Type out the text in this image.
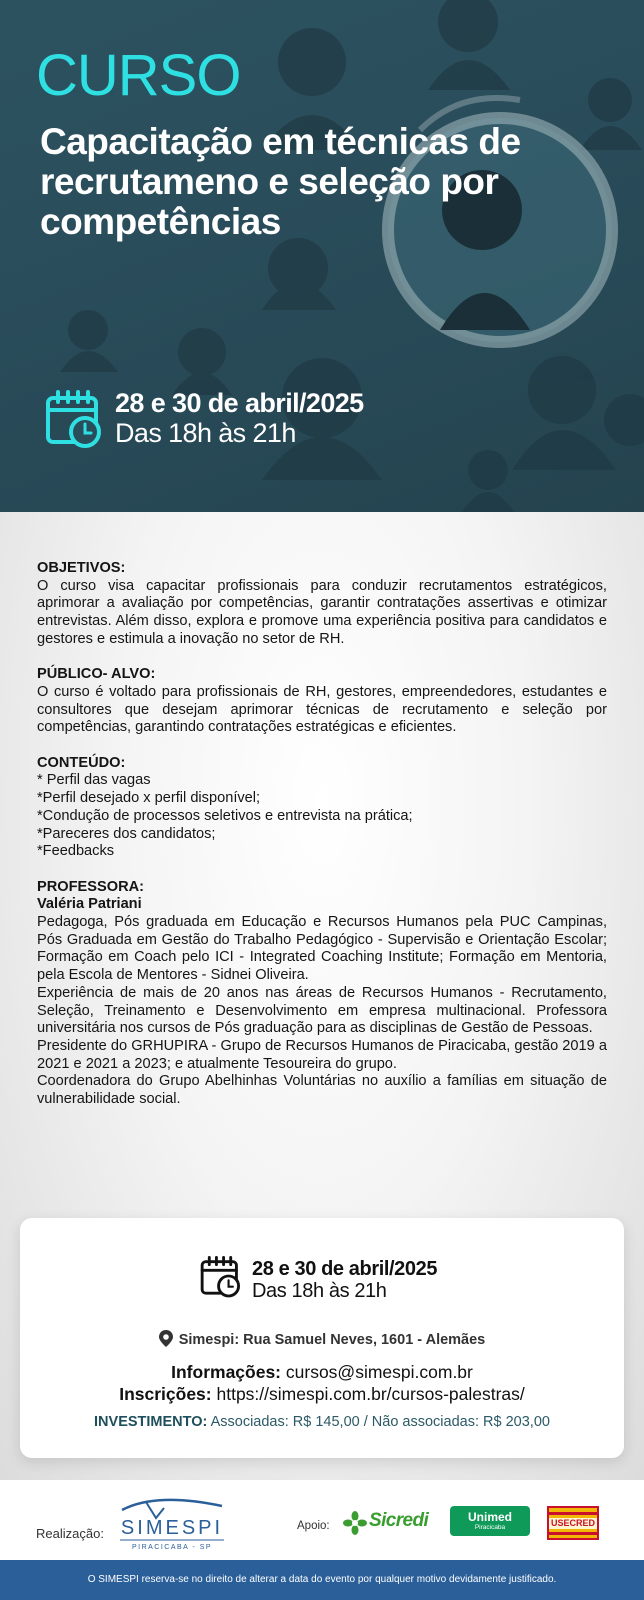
CURSO
Capacitação em técnicas de recrutameno e seleção por competências
28 e 30 de abril/2025
Das 18h às 21h
OBJETIVOS:

O curso visa capacitar profissionais para conduzir recrutamentos estratégicos, aprimorar a avaliação por competências, garantir contratações assertivas e otimizar entrevistas. Além disso, explora e promove uma experiência positiva para candidatos e gestores e estimula a inovação no setor de RH.

PÚBLICO- ALVO:

O curso é voltado para profissionais de RH, gestores, empreendedores, estudantes e consultores que desejam aprimorar técnicas de recrutamento e seleção por competências, garantindo contratações estratégicas e eficientes.

CONTEÚDO:
* Perfil das vagas
*Perfil desejado x perfil disponível;
*Condução de processos seletivos e entrevista na prática;
*Pareceres dos candidatos;
*Feedbacks
PROFESSORA:
Valéria Patriani

Pedagoga, Pós graduada em Educação e Recursos Humanos pela PUC Campinas, Pós Graduada em Gestão do Trabalho Pedagógico - Supervisão e Orientação Escolar; Formação em Coach pelo ICI - Integrated Coaching Institute; Formação em Mentoria, pela Escola de Mentores - Sidnei Oliveira.

Experiência de mais de 20 anos nas áreas de Recursos Humanos - Recrutamento, Seleção, Treinamento e Desenvolvimento em empresa multinacional. Professora universitária nos cursos de Pós graduação para as disciplinas de Gestão de Pessoas.

Presidente do GRHUPIRA - Grupo de Recursos Humanos de Piracicaba, gestão 2019 a 2021 e 2021 a 2023; e atualmente Tesoureira do grupo.

Coordenadora do Grupo Abelhinhas Voluntárias no auxílio a famílias em situação de vulnerabilidade social.

28 e 30 de abril/2025
Das 18h às 21h
Simespi: Rua Samuel Neves, 1601 - Alemães
Informações: cursos@simespi.com.br
Inscrições: https://simespi.com.br/cursos-palestras/
INVESTIMENTO: Associadas: R$ 145,00 / Não associadas: R$ 203,00
Realização: SIMESPI
PIRACICABA - SP
Apoio: Sicredi	Unimed
Piracicaba	USECRED
O SIMESPI reserva-se no direito de alterar a data do evento por qualquer motivo devidamente justificado.
